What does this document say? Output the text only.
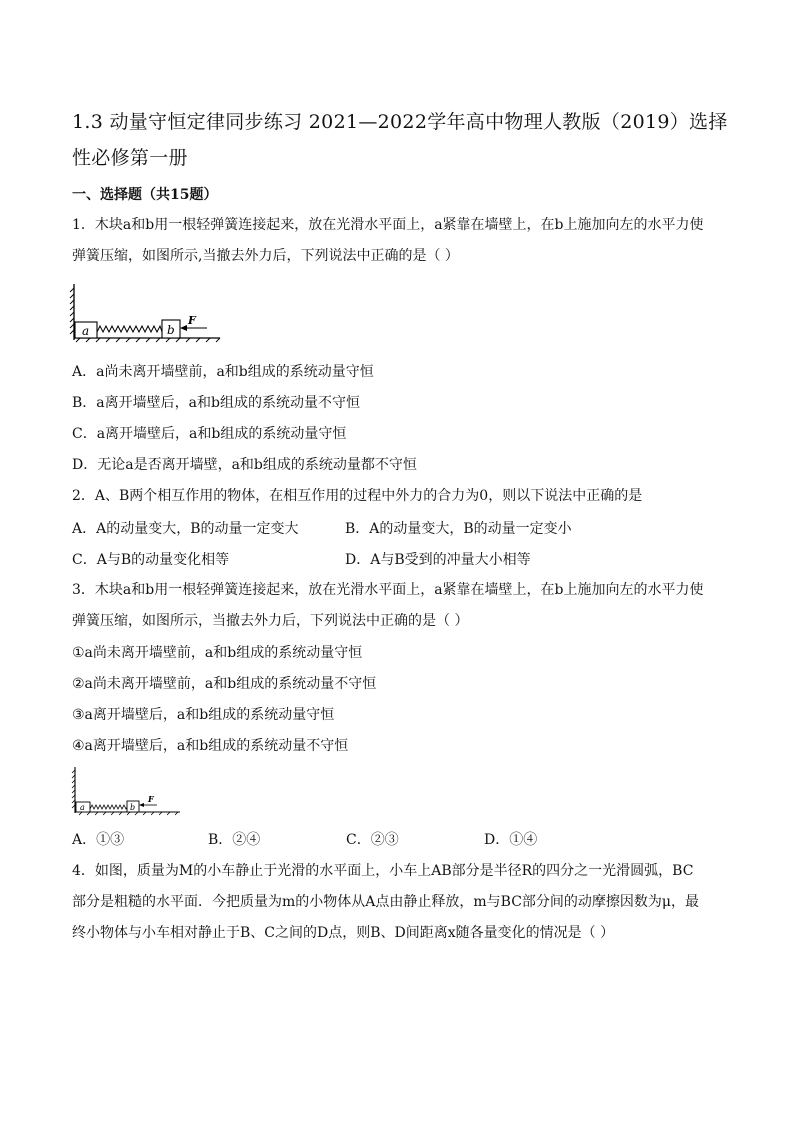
1.3 动量守恒定律同步练习 2021—2022学年高中物理人教版（2019）选择性必修第一册
一、选择题（共15题）
1．木块a和b用一根轻弹簧连接起来，放在光滑水平面上，a紧靠在墙壁上，在b上施加向左的水平力使
弹簧压缩，如图所示,当撤去外力后，下列说法中正确的是（ ）
a	b
F
A．a尚未离开墙壁前，a和b组成的系统动量守恒
B．a离开墙壁后，a和b组成的系统动量不守恒
C．a离开墙壁后，a和b组成的系统动量守恒
D．无论a是否离开墙壁，a和b组成的系统动量都不守恒
2．A、B两个相互作用的物体，在相互作用的过程中外力的合力为0，则以下说法中正确的是
A．A的动量变大，B的动量一定变大	B．A的动量变大，B的动量一定变小
C．A与B的动量变化相等	D．A与B受到的冲量大小相等
3．木块a和b用一根轻弹簧连接起来，放在光滑水平面上，a紧靠在墙壁上，在b上施加向左的水平力使
弹簧压缩，如图所示，当撤去外力后，下列说法中正确的是（ ）
①a尚未离开墙壁前，a和b组成的系统动量守恒
②a尚未离开墙壁前，a和b组成的系统动量不守恒
③a离开墙壁后，a和b组成的系统动量守恒
④a离开墙壁后，a和b组成的系统动量不守恒
a	b
F
A．①③	B．②④	C．②③	D．①④
4．如图，质量为M的小车静止于光滑的水平面上，小车上AB部分是半径R的四分之一光滑圆弧，BC
部分是粗糙的水平面．今把质量为m的小物体从A点由静止释放，m与BC部分间的动摩擦因数为μ，最
终小物体与小车相对静止于B、C之间的D点，则B、D间距离x随各量变化的情况是（ ）
